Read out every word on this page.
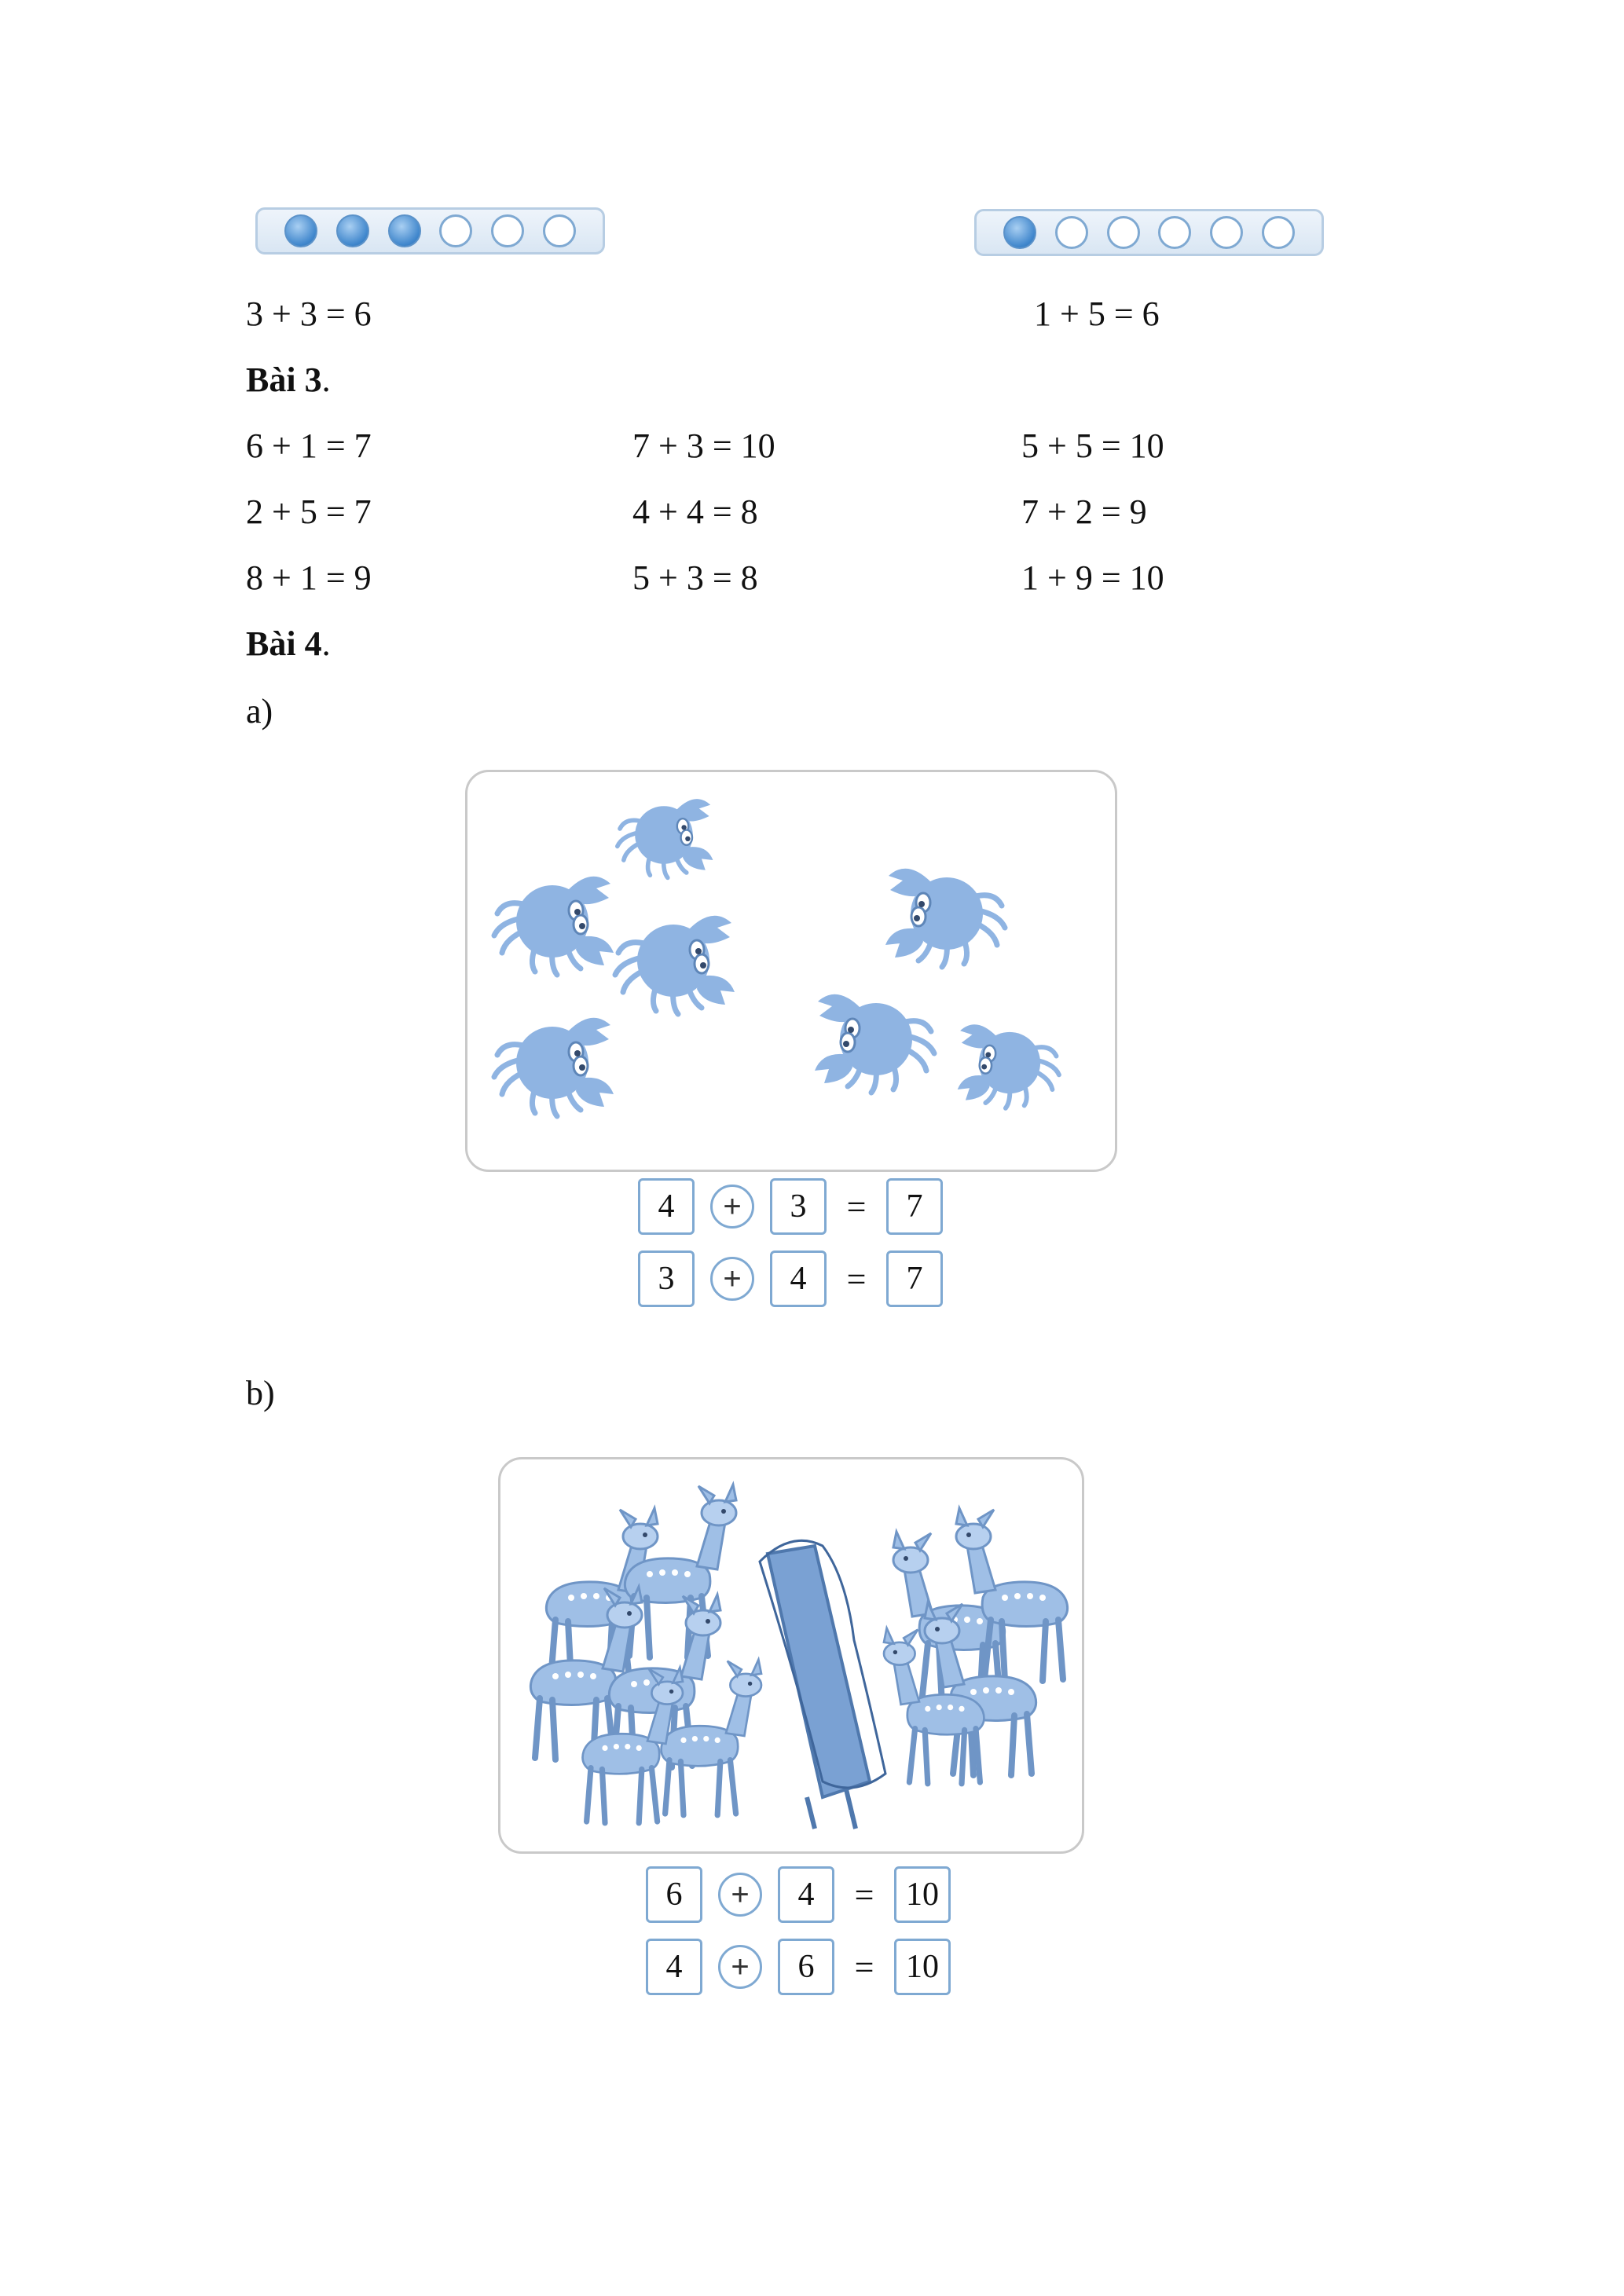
3 + 3 = 6	1 + 5 = 6
Bài 3.
6 + 1 = 7	7 + 3 = 10	5 + 5 = 10
2 + 5 = 7	4 + 4 = 8	7 + 2 = 9
8 + 1 = 9	5 + 3 = 8	1 + 9 = 10
Bài 4.
a)
4	+	3	=	7
3	+	4	=	7
b)
6	+	4	= 10
4	+	6	= 10
